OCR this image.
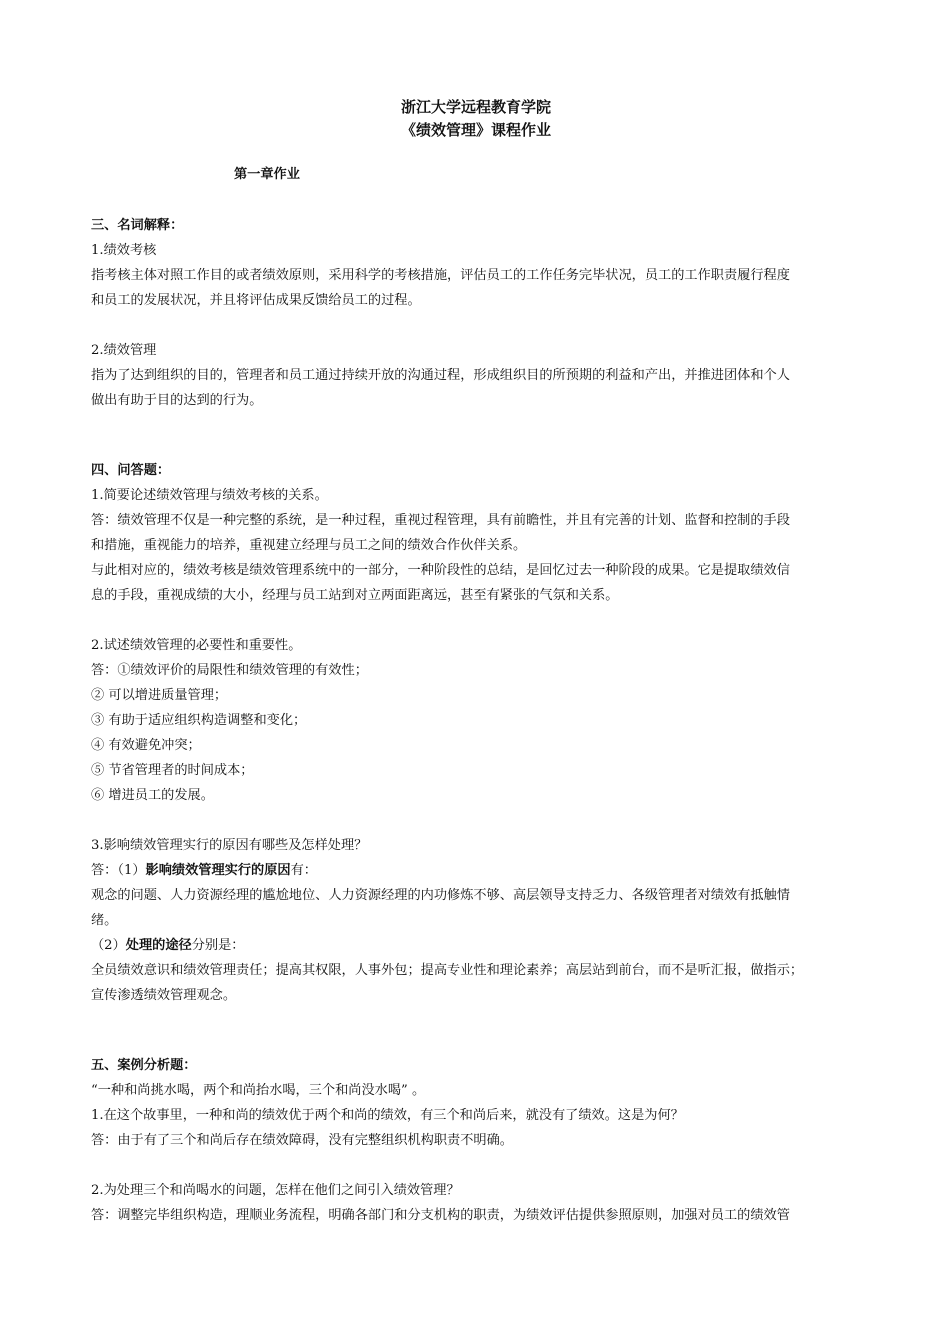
浙江大学远程教育学院
《绩效管理》课程作业
第一章作业
三、名词解释：
1.绩效考核
指考核主体对照工作目的或者绩效原则，采用科学的考核措施，评估员工的工作任务完毕状况，员工的工作职责履行程度
和员工的发展状况，并且将评估成果反馈给员工的过程。
2.绩效管理
指为了达到组织的目的，管理者和员工通过持续开放的沟通过程，形成组织目的所预期的利益和产出，并推进团体和个人
做出有助于目的达到的行为。
四、问答题：
1.简要论述绩效管理与绩效考核的关系。
答：绩效管理不仅是一种完整的系统，是一种过程，重视过程管理，具有前瞻性，并且有完善的计划、监督和控制的手段
和措施，重视能力的培养，重视建立经理与员工之间的绩效合作伙伴关系。
与此相对应的，绩效考核是绩效管理系统中的一部分，一种阶段性的总结，是回忆过去一种阶段的成果。它是提取绩效信
息的手段，重视成绩的大小，经理与员工站到对立两面距离远，甚至有紧张的气氛和关系。
2.试述绩效管理的必要性和重要性。
答：①绩效评价的局限性和绩效管理的有效性；
② 可以增进质量管理；
③ 有助于适应组织构造调整和变化；
④ 有效避免冲突；
⑤ 节省管理者的时间成本；
⑥ 增进员工的发展。
3.影响绩效管理实行的原因有哪些及怎样处理？
答：（1）影响绩效管理实行的原因有：
观念的问题、人力资源经理的尴尬地位、人力资源经理的内功修炼不够、高层领导支持乏力、各级管理者对绩效有抵触情
绪。
（2）处理的途径分别是：
全员绩效意识和绩效管理责任；提高其权限，人事外包；提高专业性和理论素养；高层站到前台，而不是听汇报，做指示；
宣传渗透绩效管理观念。
五、案例分析题：
“一种和尚挑水喝，两个和尚抬水喝，三个和尚没水喝” 。
1.在这个故事里，一种和尚的绩效优于两个和尚的绩效，有三个和尚后来，就没有了绩效。这是为何？
答：由于有了三个和尚后存在绩效障碍，没有完整组织机构职责不明确。
2.为处理三个和尚喝水的问题，怎样在他们之间引入绩效管理？
答：调整完毕组织构造，理顺业务流程，明确各部门和分支机构的职责，为绩效评估提供参照原则，加强对员工的绩效管
